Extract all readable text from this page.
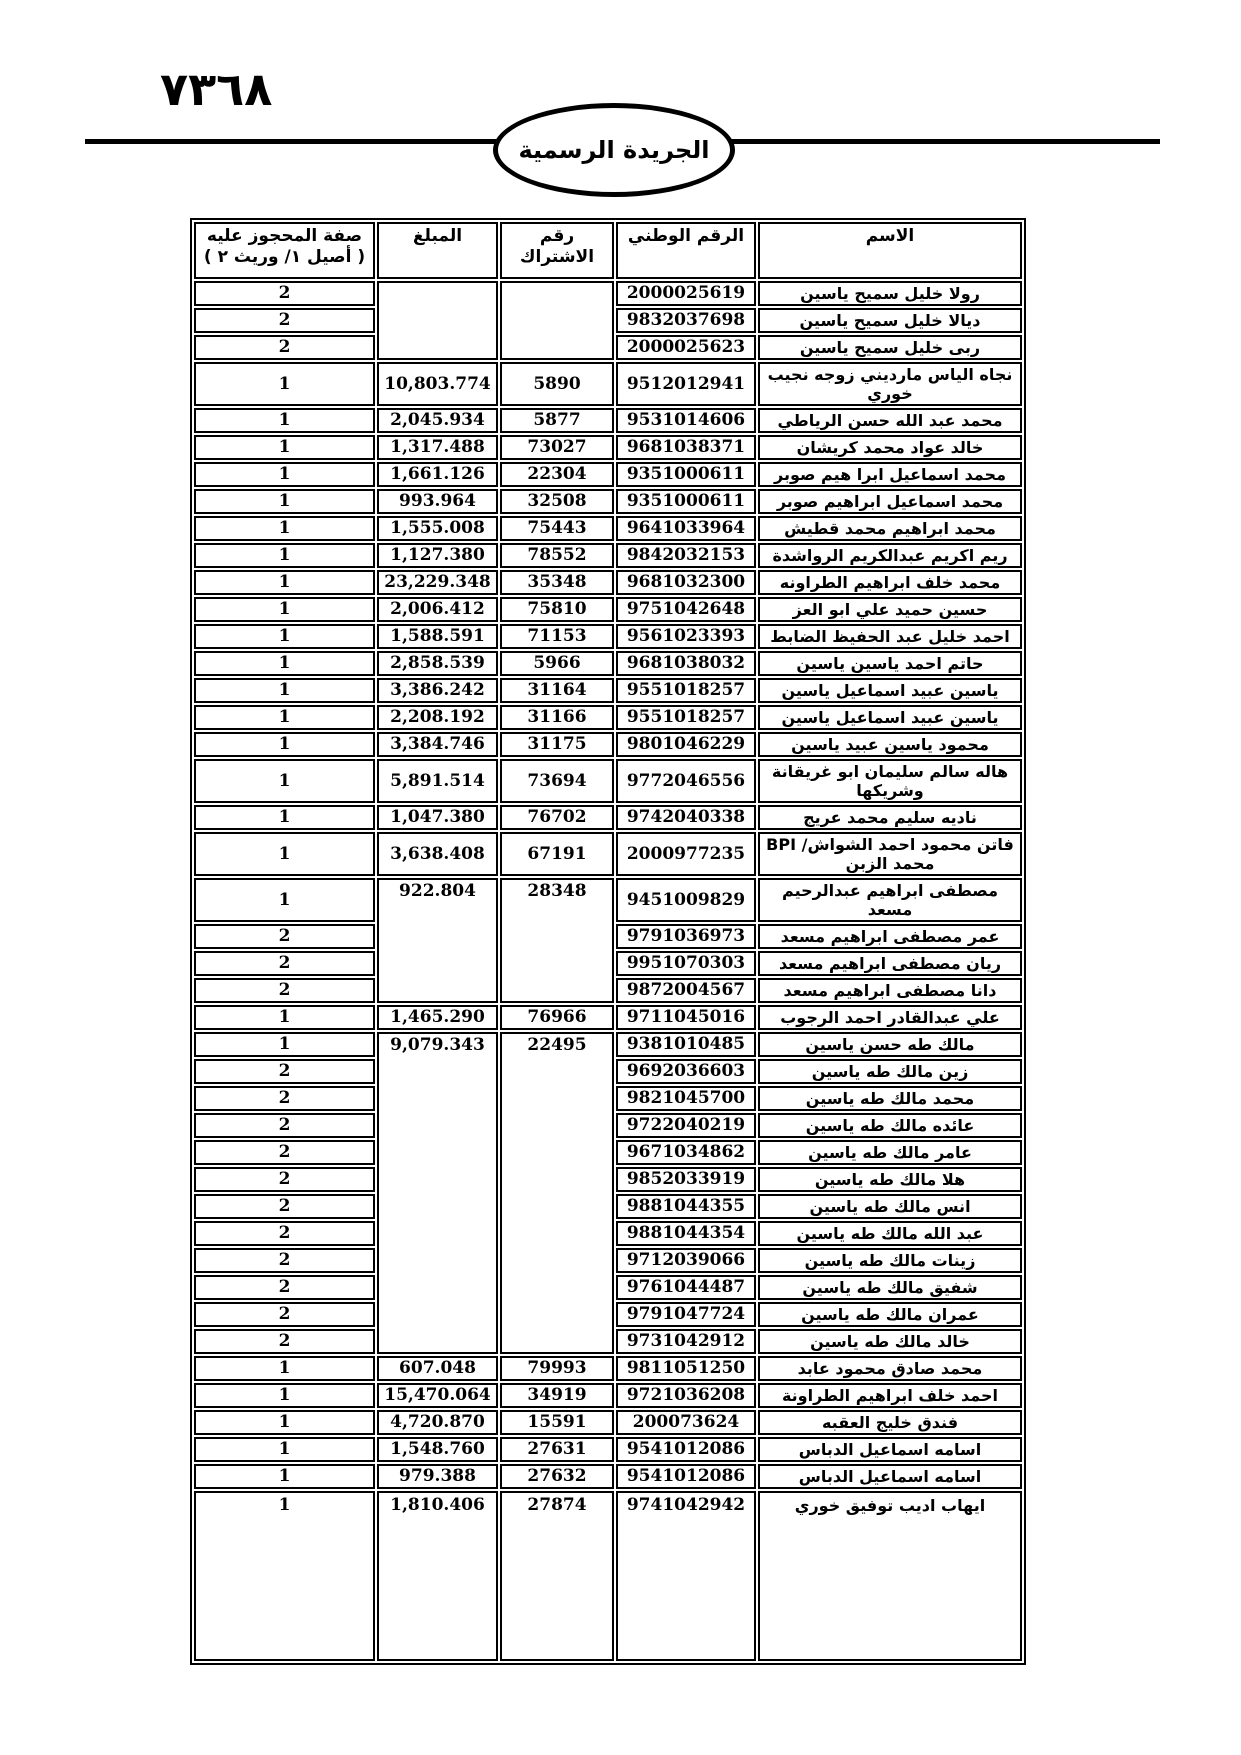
٧٣٦٨
الجريدة الرسمية
الاسم	الرقم الوطني	رقم الاشتراك	المبلغ	صفة المحجوز عليه
( أصيل ١/ وريث ٢ )

رولا خليل سميح ياسين	2000025619			2
ديالا خليل سميح ياسين	9832037698			2
ربى خليل سميح ياسين	2000025623			2
نجاه الياس مارديني زوجه نجيب خوري	9512012941	5890	10,803.774	1
محمد عبد الله حسن الرياطي	9531014606	5877	2,045.934	1
خالد عواد محمد كريشان	9681038371	73027	1,317.488	1
محمد اسماعيل ابرا هيم صوبر	9351000611	22304	1,661.126	1
محمد اسماعيل ابراهيم صوبر	9351000611	32508	993.964	1
محمد ابراهيم محمد قطيش	9641033964	75443	1,555.008	1
ريم اكريم عبدالكريم الرواشدة	9842032153	78552	1,127.380	1
محمد خلف ابراهيم الطراونه	9681032300	35348	23,229.348	1
حسين حميد علي ابو العز	9751042648	75810	2,006.412	1
احمد خليل عبد الحفيظ الضابط	9561023393	71153	1,588.591	1
حاتم احمد ياسين ياسين	9681038032	5966	2,858.539	1
ياسين عبيد اسماعيل ياسين	9551018257	31164	3,386.242	1
ياسين عبيد اسماعيل ياسين	9551018257	31166	2,208.192	1
محمود ياسين عبيد ياسين	9801046229	31175	3,384.746	1
هاله سالم سليمان ابو غريقانة وشريكها	9772046556	73694	5,891.514	1
ناديه سليم محمد عريج	9742040338	76702	1,047.380	1
فاتن محمود احمد الشواش/ BPI محمد الزبن	2000977235	67191	3,638.408	1
مصطفى ابراهيم عبدالرحيم مسعد	9451009829	28348	922.804	1
عمر مصطفى ابراهيم مسعد	9791036973			2
ريان مصطفى ابراهيم مسعد	9951070303			2
دانا مصطفى ابراهيم مسعد	9872004567			2
علي عبدالقادر احمد الرجوب	9711045016	76966	1,465.290	1
مالك طه حسن ياسين	9381010485	22495	9,079.343	1
زين مالك طه ياسين	9692036603			2
محمد مالك طه ياسين	9821045700			2
عائده مالك طه ياسين	9722040219			2
عامر مالك طه ياسين	9671034862			2
هلا مالك طه ياسين	9852033919			2
انس مالك طه ياسين	9881044355			2
عبد الله مالك طه ياسين	9881044354			2
زينات مالك طه ياسين	9712039066			2
شفيق مالك طه ياسين	9761044487			2
عمران مالك طه ياسين	9791047724			2
خالد مالك طه ياسين	9731042912			2
محمد صادق محمود عابد	9811051250	79993	607.048	1
احمد خلف ابراهيم الطراونة	9721036208	34919	15,470.064	1
فندق خليج العقبه	200073624	15591	4,720.870	1
اسامه اسماعيل الدباس	9541012086	27631	1,548.760	1
اسامه اسماعيل الدباس	9541012086	27632	979.388	1
ايهاب اديب توفيق خوري	9741042942	27874	1,810.406	1
